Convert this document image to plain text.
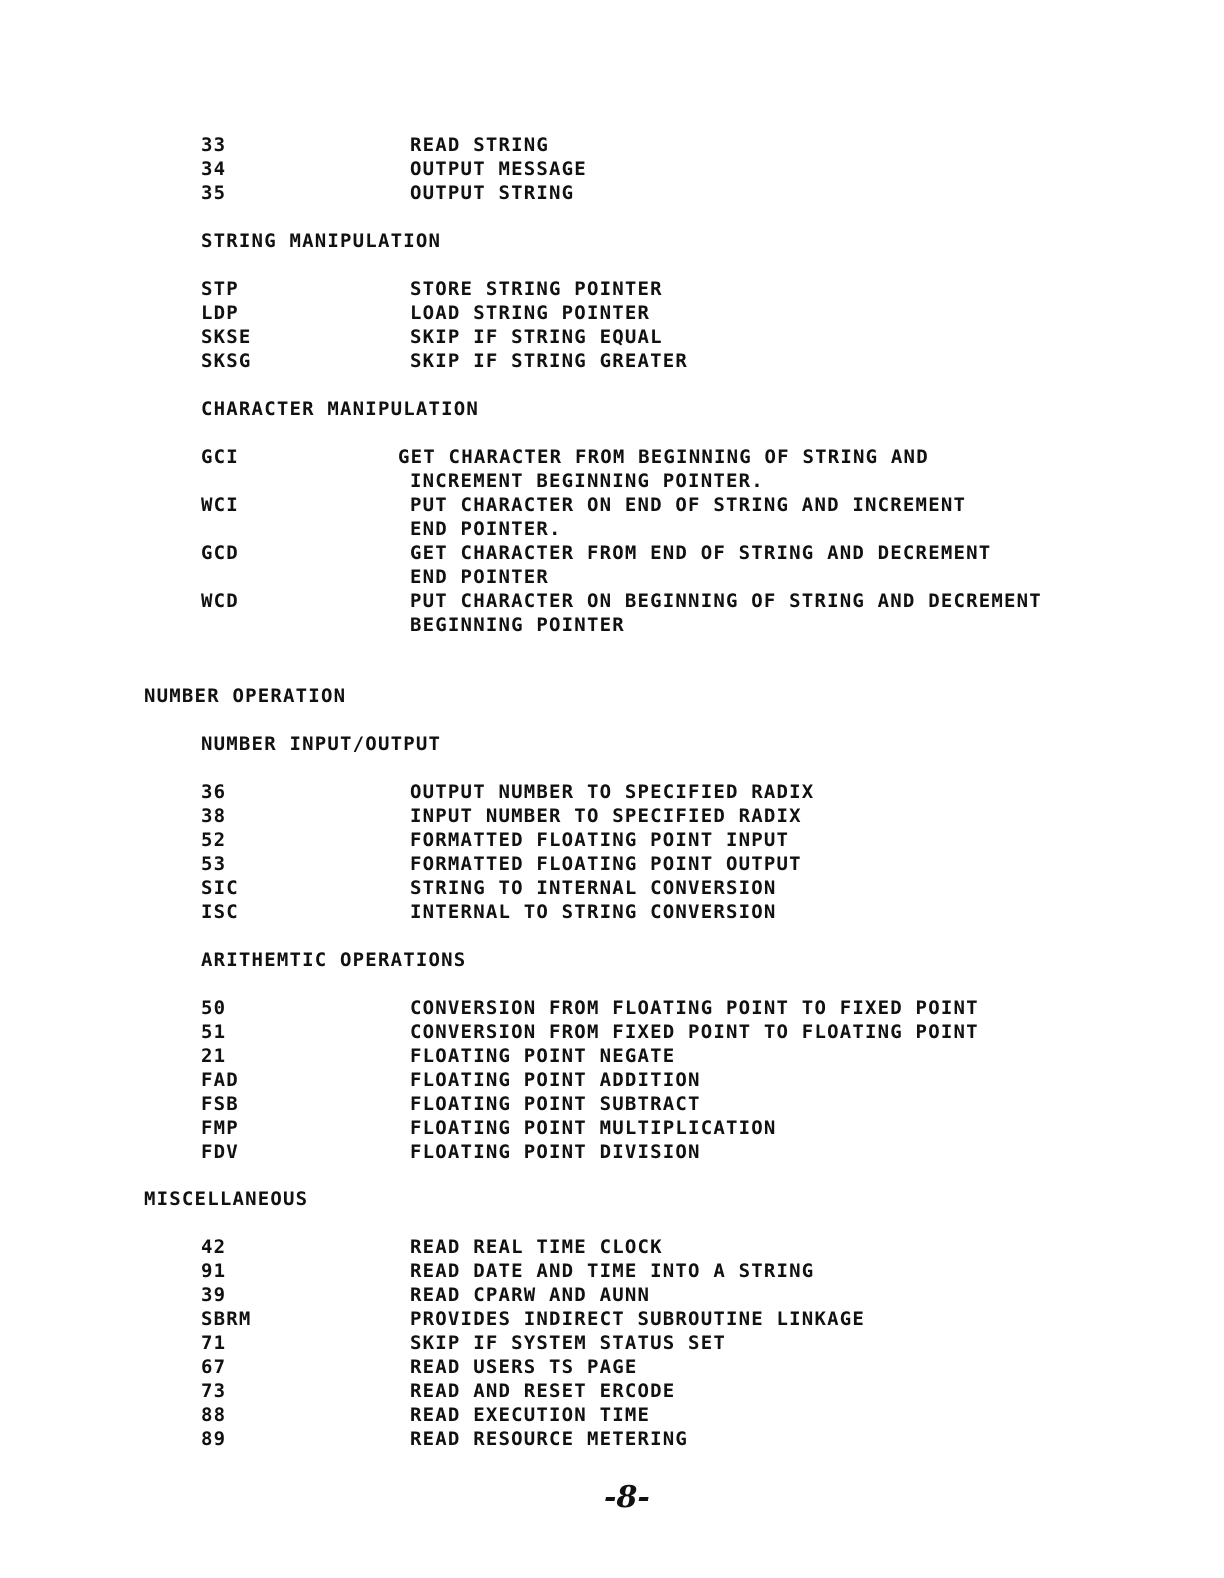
33	READ STRING
34	OUTPUT MESSAGE
35	OUTPUT STRING
STRING MANIPULATION
STP	STORE STRING POINTER
LDP	LOAD STRING POINTER
SKSE	SKIP IF STRING EQUAL
SKSG	SKIP IF STRING GREATER
CHARACTER MANIPULATION
GCI	GET CHARACTER FROM BEGINNING OF STRING AND
INCREMENT BEGINNING POINTER.
WCI	PUT CHARACTER ON END OF STRING AND INCREMENT
END POINTER.
GCD	GET CHARACTER FROM END OF STRING AND DECREMENT
END POINTER
WCD	PUT CHARACTER ON BEGINNING OF STRING AND DECREMENT
BEGINNING POINTER
NUMBER OPERATION
NUMBER INPUT/OUTPUT
36	OUTPUT NUMBER TO SPECIFIED RADIX
38	INPUT NUMBER TO SPECIFIED RADIX
52	FORMATTED FLOATING POINT INPUT
53	FORMATTED FLOATING POINT OUTPUT
SIC	STRING TO INTERNAL CONVERSION
ISC	INTERNAL TO STRING CONVERSION
ARITHEMTIC OPERATIONS
50	CONVERSION FROM FLOATING POINT TO FIXED POINT
51	CONVERSION FROM FIXED POINT TO FLOATING POINT
21	FLOATING POINT NEGATE
FAD	FLOATING POINT ADDITION
FSB	FLOATING POINT SUBTRACT
FMP	FLOATING POINT MULTIPLICATION
FDV	FLOATING POINT DIVISION
MISCELLANEOUS
42	READ REAL TIME CLOCK
91	READ DATE AND TIME INTO A STRING
39	READ CPARW AND AUNN
SBRM	PROVIDES INDIRECT SUBROUTINE LINKAGE
71	SKIP IF SYSTEM STATUS SET
67	READ USERS TS PAGE
73	READ AND RESET ERCODE
88	READ EXECUTION TIME
89	READ RESOURCE METERING
-8-
